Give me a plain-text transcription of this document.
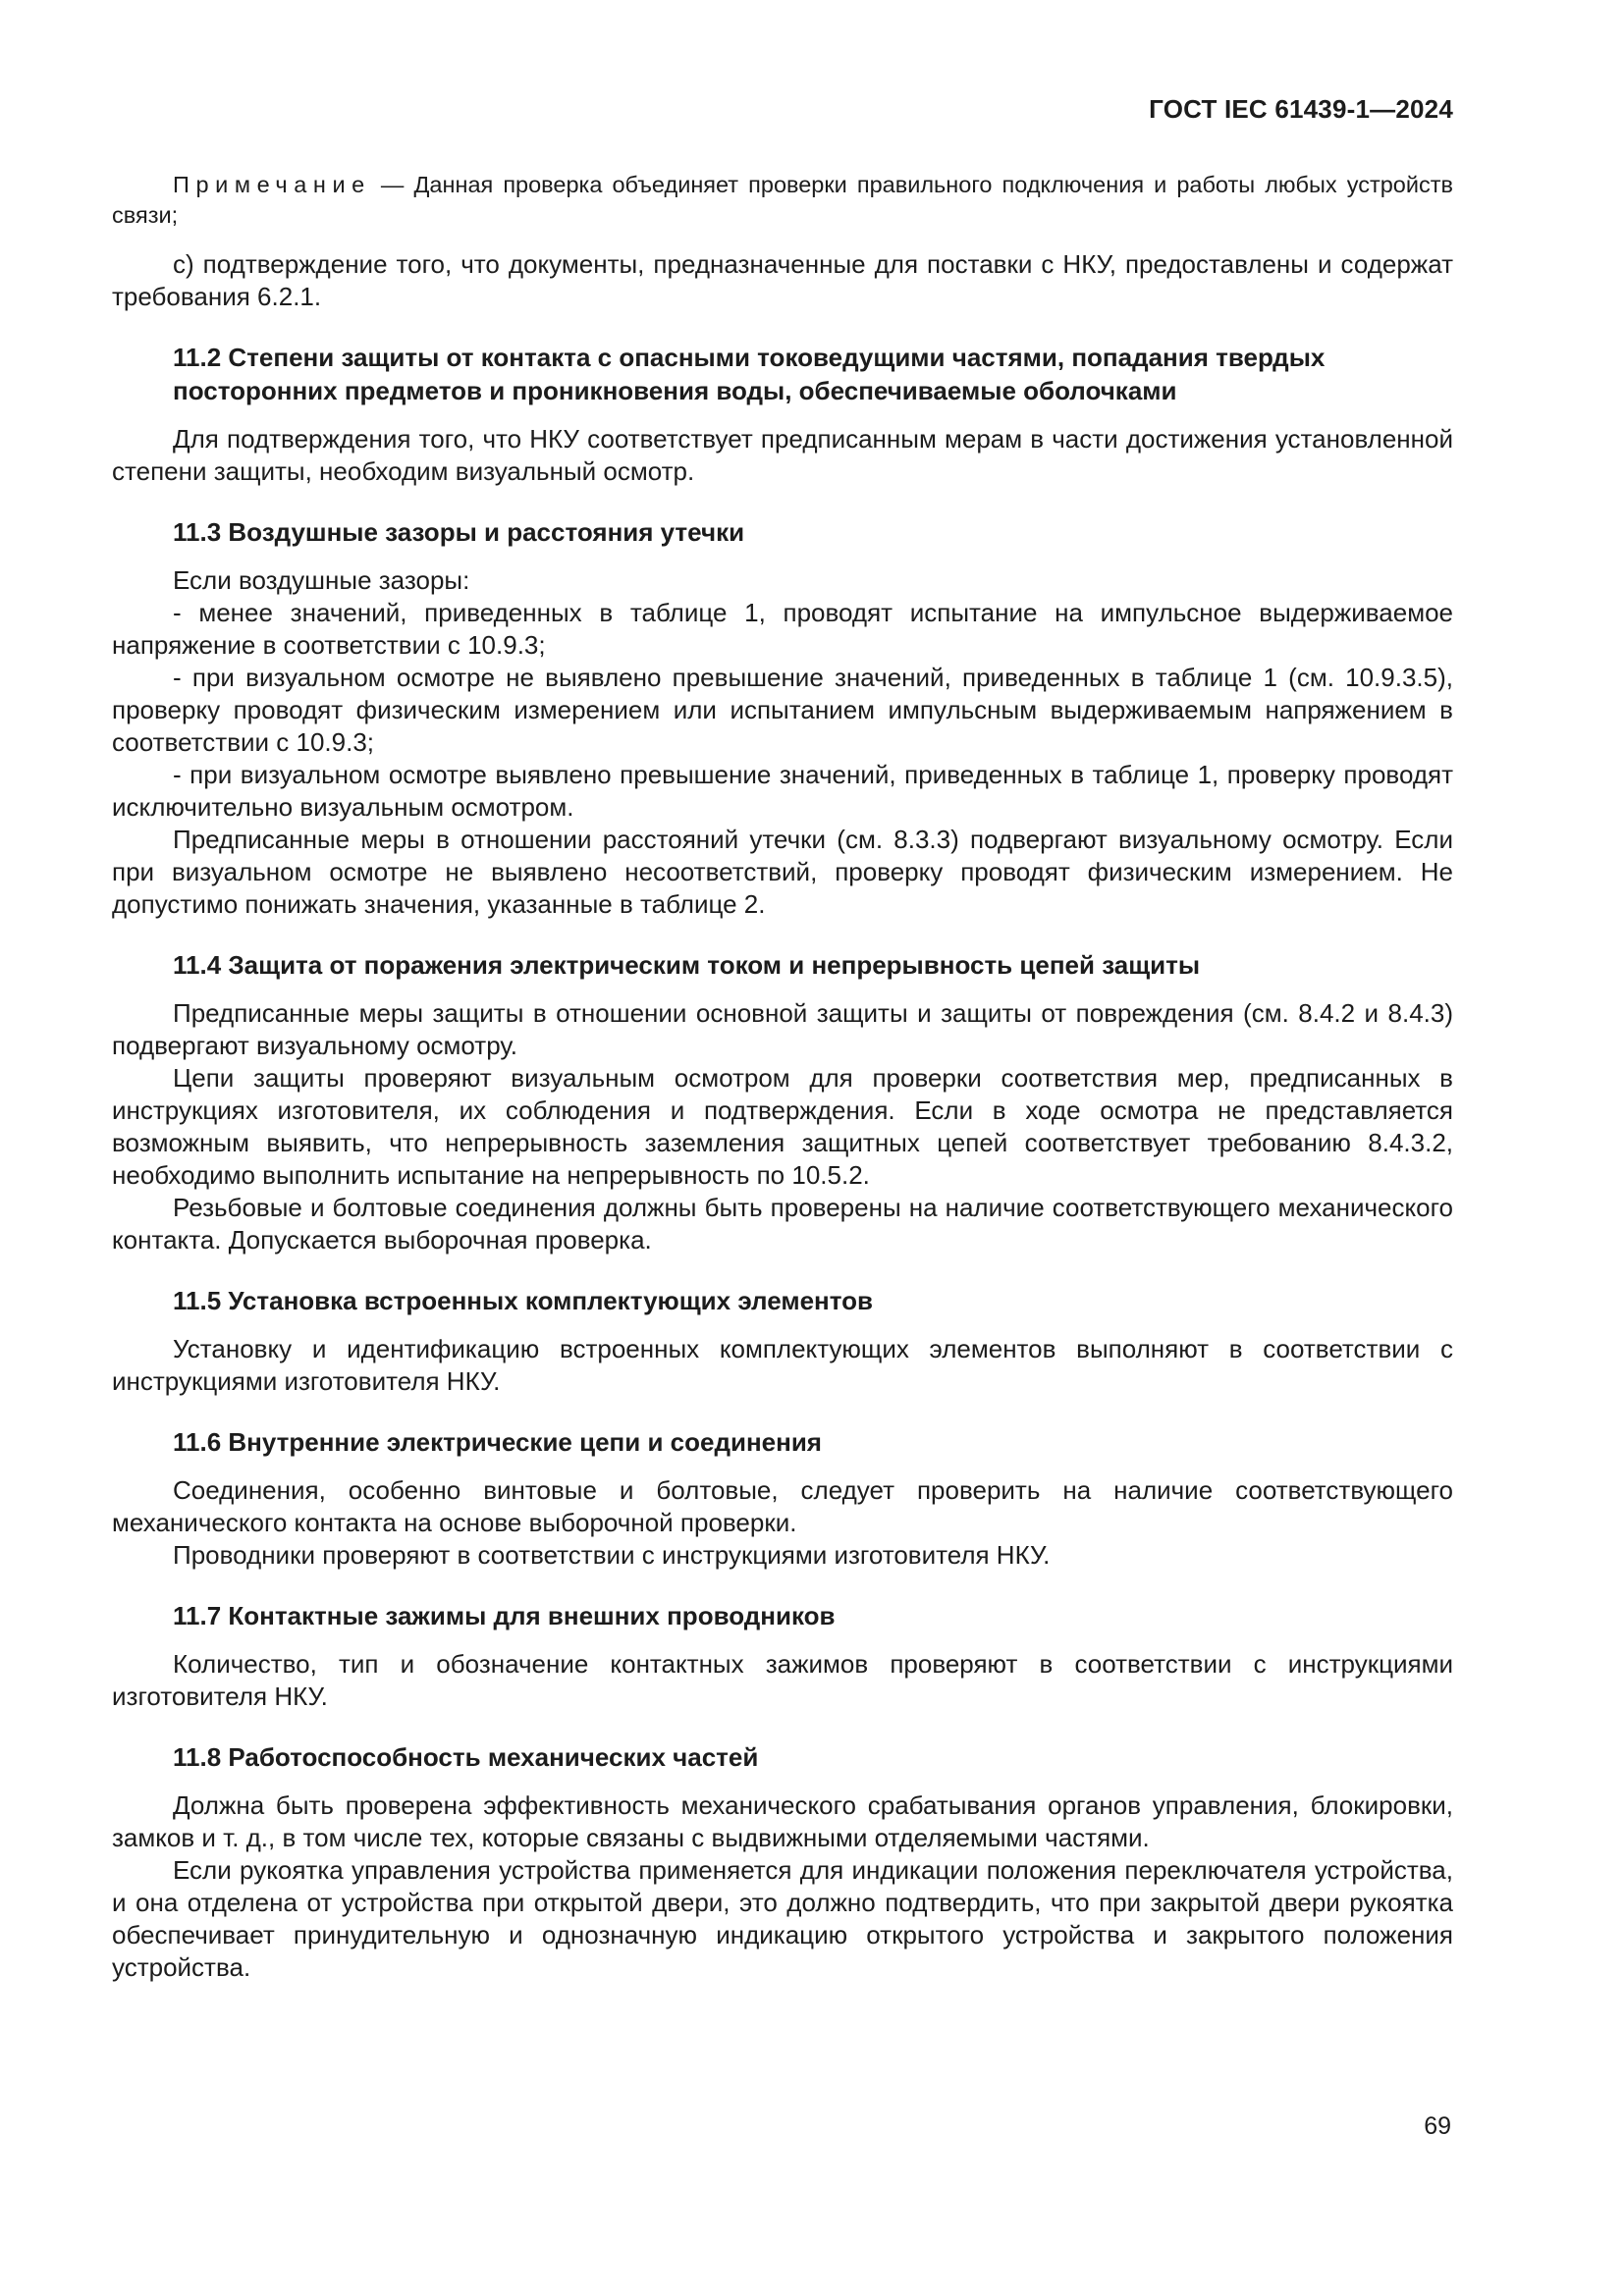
ГОСТ IEC 61439-1—2024

Примечание — Данная проверка объединяет проверки правильного подключения и работы любых устройств связи;

c) подтверждение того, что документы, предназначенные для поставки с НКУ, предоставлены и содержат требования 6.2.1.

11.2 Степени защиты от контакта с опасными токоведущими частями, попадания твердых посторонних предметов и проникновения воды, обеспечиваемые оболочками

Для подтверждения того, что НКУ соответствует предписанным мерам в части достижения установленной степени защиты, необходим визуальный осмотр.

11.3 Воздушные зазоры и расстояния утечки

Если воздушные зазоры:

- менее значений, приведенных в таблице 1, проводят испытание на импульсное выдерживаемое напряжение в соответствии с 10.9.3;

- при визуальном осмотре не выявлено превышение значений, приведенных в таблице 1 (см. 10.9.3.5), проверку проводят физическим измерением или испытанием импульсным выдерживаемым напряжением в соответствии с 10.9.3;

- при визуальном осмотре выявлено превышение значений, приведенных в таблице 1, проверку проводят исключительно визуальным осмотром.

Предписанные меры в отношении расстояний утечки (см. 8.3.3) подвергают визуальному осмотру. Если при визуальном осмотре не выявлено несоответствий, проверку проводят физическим измерением. Не допустимо понижать значения, указанные в таблице 2.

11.4 Защита от поражения электрическим током и непрерывность цепей защиты

Предписанные меры защиты в отношении основной защиты и защиты от повреждения (см. 8.4.2 и 8.4.3) подвергают визуальному осмотру.

Цепи защиты проверяют визуальным осмотром для проверки соответствия мер, предписанных в инструкциях изготовителя, их соблюдения и подтверждения. Если в ходе осмотра не представляется возможным выявить, что непрерывность заземления защитных цепей соответствует требованию 8.4.3.2, необходимо выполнить испытание на непрерывность по 10.5.2.

Резьбовые и болтовые соединения должны быть проверены на наличие соответствующего механического контакта. Допускается выборочная проверка.

11.5 Установка встроенных комплектующих элементов

Установку и идентификацию встроенных комплектующих элементов выполняют в соответствии с инструкциями изготовителя НКУ.

11.6 Внутренние электрические цепи и соединения

Соединения, особенно винтовые и болтовые, следует проверить на наличие соответствующего механического контакта на основе выборочной проверки.

Проводники проверяют в соответствии с инструкциями изготовителя НКУ.

11.7 Контактные зажимы для внешних проводников

Количество, тип и обозначение контактных зажимов проверяют в соответствии с инструкциями изготовителя НКУ.

11.8 Работоспособность механических частей

Должна быть проверена эффективность механического срабатывания органов управления, блокировки, замков и т. д., в том числе тех, которые связаны с выдвижными отделяемыми частями.

Если рукоятка управления устройства применяется для индикации положения переключателя устройства, и она отделена от устройства при открытой двери, это должно подтвердить, что при закрытой двери рукоятка обеспечивает принудительную и однозначную индикацию открытого устройства и закрытого положения устройства.

69
